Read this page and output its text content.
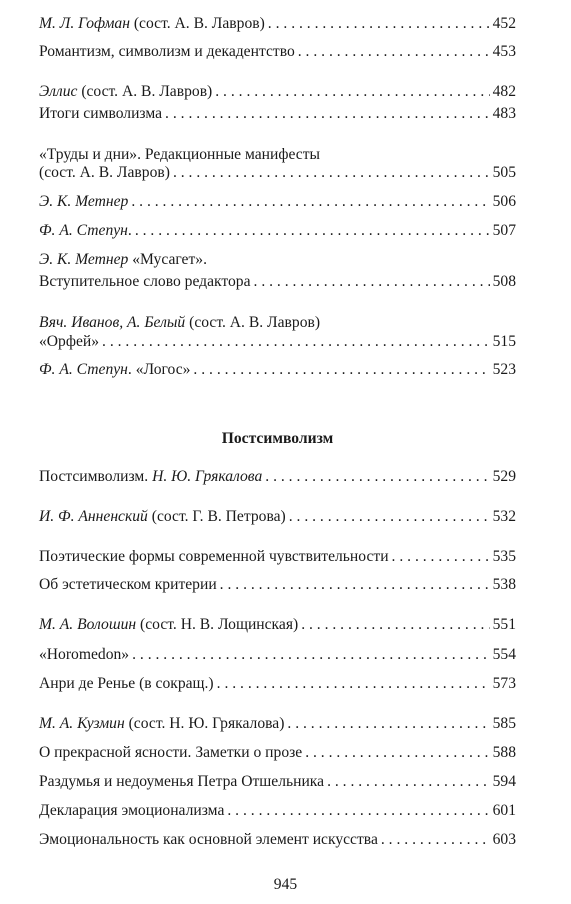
М. Л. Гофман (сост. А. В. Лавров) . . .	452
Романтизм, символизм и декадентство . . .	453
Эллис (сост. А. В. Лавров) . . .	482
Итоги символизма . . .	483
«Труды и дни». Редакционные манифесты
(сост. А. В. Лавров) . . .	505
Э. К. Метнер . . .	506
Ф. А. Степун. . . .	507
Э. К. Метнер «Мусагет».
Вступительное слово редактора . . .	508
Вяч. Иванов, А. Белый (сост. А. В. Лавров)
«Орфей» . . .	515
Ф. А. Степун. «Логос» . . .	523
Постсимволизм
Постсимволизм. Н. Ю. Грякалова . . .	529
И. Ф. Анненский (сост. Г. В. Петрова) . . .	532
Поэтические формы современной чувствительности . . .	535
Об эстетическом критерии . . .	538
М. А. Волошин (сост. Н. В. Лощинская) . . .	551
«Horomedon» . . .	554
Анри де Ренье (в сокращ.) . . .	573
М. А. Кузмин (сост. Н. Ю. Грякалова) . . .	585
О прекрасной ясности. Заметки о прозе . . .	588
Раздумья и недоуменья Петра Отшельника . . .	594
Декларация эмоционализма . . .	601
Эмоциональность как основной элемент искусства . . .	603
945
